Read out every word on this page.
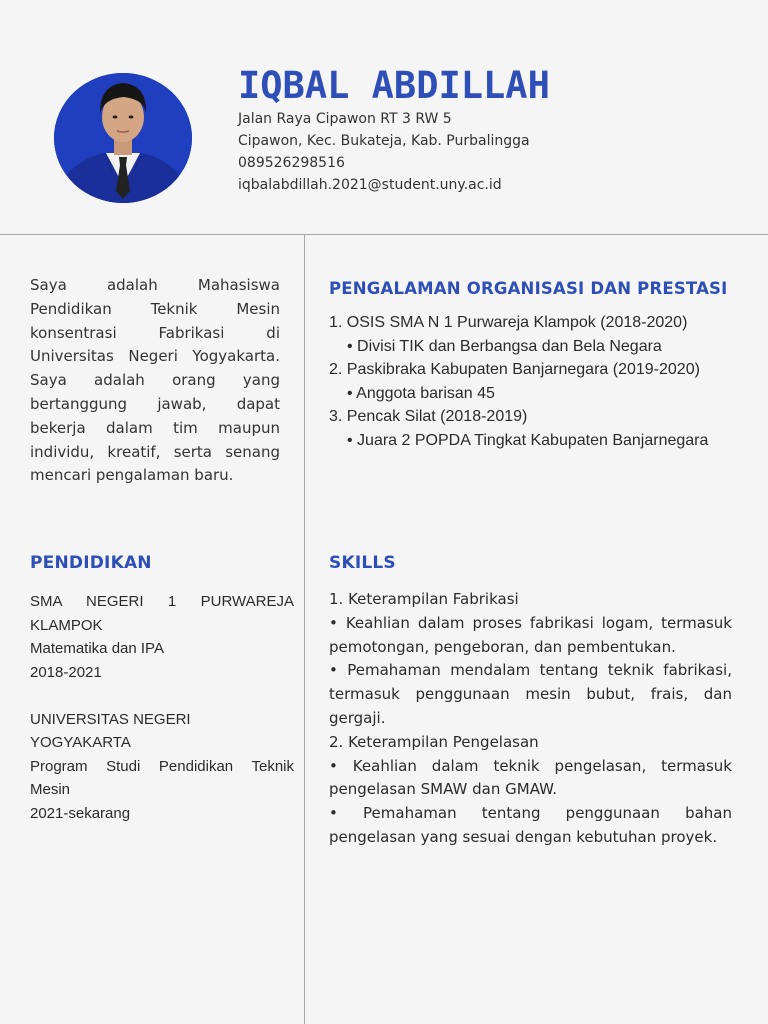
IQBAL ABDILLAH
Jalan Raya Cipawon RT 3 RW 5
Cipawon, Kec. Bukateja, Kab. Purbalingga
089526298516
iqbalabdillah.2021@student.uny.ac.id
Saya adalah Mahasiswa Pendidikan Teknik Mesin konsentrasi Fabrikasi di Universitas Negeri Yogyakarta. Saya adalah orang yang bertanggung jawab, dapat bekerja dalam tim maupun individu, kreatif, serta senang mencari pengalaman baru.
PENGALAMAN ORGANISASI DAN PRESTASI
1. OSIS SMA N 1 Purwareja Klampok (2018-2020)
• Divisi TIK dan Berbangsa dan Bela Negara
2. Paskibraka Kabupaten Banjarnegara (2019-2020)
• Anggota barisan 45
3. Pencak Silat (2018-2019)
• Juara 2 POPDA Tingkat Kabupaten Banjarnegara
PENDIDIKAN
SMA NEGERI 1 PURWAREJA KLAMPOK
Matematika dan IPA
2018-2021
UNIVERSITAS NEGERI YOGYAKARTA
Program Studi Pendidikan Teknik Mesin
2021-sekarang
SKILLS

1. Keterampilan Fabrikasi

• Keahlian dalam proses fabrikasi logam, termasuk pemotongan, pengeboran, dan pembentukan.

• Pemahaman mendalam tentang teknik fabrikasi, termasuk penggunaan mesin bubut, frais, dan gergaji.

2. Keterampilan Pengelasan

• Keahlian dalam teknik pengelasan, termasuk pengelasan SMAW dan GMAW.

• Pemahaman tentang penggunaan bahan pengelasan yang sesuai dengan kebutuhan proyek.
